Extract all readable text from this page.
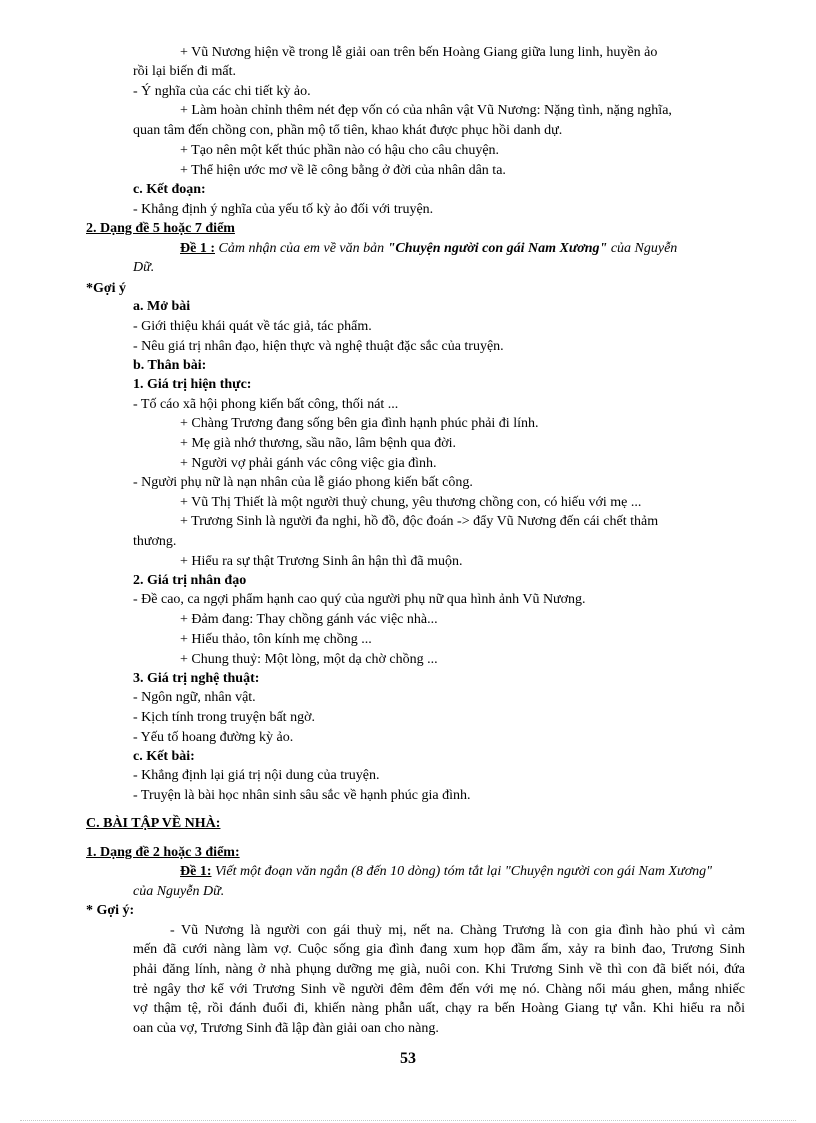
+ Vũ Nương hiện về trong lễ giải oan trên bến Hoàng Giang giữa lung linh, huyền ảo
rồi lại biến đi mất.
- Ý nghĩa của các chi tiết kỳ ảo.
+ Làm hoàn chỉnh thêm nét đẹp vốn có của nhân vật Vũ Nương: Nặng tình, nặng nghĩa,
quan tâm đến chồng con, phần mộ tổ tiên, khao khát được phục hồi danh dự.
+ Tạo nên một kết thúc phần nào có hậu cho câu chuyện.
+ Thể hiện ước mơ về lẽ công bằng ở đời của nhân dân ta.
c. Kết đoạn:
- Khẳng định ý nghĩa của yếu tố kỳ ảo đối với truyện.
2. Dạng đề 5 hoặc 7 điểm
Đề 1 : Cảm nhận của em về văn bản "Chuyện người con gái Nam Xương" của Nguyễn
Dữ.
*Gợi ý
a. Mở bài
- Giới thiệu khái quát về tác giả, tác phẩm.
- Nêu giá trị nhân đạo, hiện thực và nghệ thuật đặc sắc của truyện.
b. Thân bài:
1. Giá trị hiện thực:
- Tố cáo xã hội phong kiến bất công, thối nát ...
+ Chàng Trương đang sống bên gia đình hạnh phúc phải đi lính.
+ Mẹ già nhớ thương, sầu não, lâm bệnh qua đời.
+ Người vợ phải gánh vác công việc gia đình.
- Người phụ nữ là nạn nhân của lễ giáo phong kiến bất công.
+ Vũ Thị Thiết là một người thuỷ chung, yêu thương chồng con, có hiếu với mẹ ...
+ Trương Sinh là người đa nghi, hồ đồ, độc đoán -> đẩy Vũ Nương đến cái chết thảm
thương.
+ Hiểu ra sự thật Trương Sinh ân hận thì đã muộn.
2. Giá trị nhân đạo
- Đề cao, ca ngợi phẩm hạnh cao quý của người phụ nữ qua hình ảnh Vũ Nương.
+ Đảm đang: Thay chồng gánh vác việc nhà...
+ Hiếu thảo, tôn kính mẹ chồng ...
+ Chung thuỷ: Một lòng, một dạ chờ chồng ...
3. Giá trị nghệ thuật:
- Ngôn ngữ, nhân vật.
- Kịch tính trong truyện bất ngờ.
- Yếu tố hoang đường kỳ ảo.
c. Kết bài:
- Khẳng định lại giá trị nội dung của truyện.
- Truyện là bài học nhân sinh sâu sắc về hạnh phúc gia đình.
C. BÀI TẬP VỀ NHÀ:
1. Dạng đề 2 hoặc 3 điểm:
Đề 1: Viết một đoạn văn ngắn (8 đến 10 dòng) tóm tắt lại "Chuyện người con gái Nam Xương"
của Nguyễn Dữ.
* Gợi ý:
- Vũ Nương là người con gái thuỳ mị, nết na. Chàng Trương là con gia đình hào phú vì cảm
mến đã cưới nàng làm vợ. Cuộc sống gia đình đang xum họp đầm ấm, xảy ra binh đao, Trương Sinh
phải đăng lính, nàng ở nhà phụng dưỡng mẹ già, nuôi con. Khi Trương Sinh về thì con đã biết nói, đứa
trẻ ngây thơ kể với Trương Sinh về người đêm đêm đến với mẹ nó. Chàng nổi máu ghen, mắng nhiếc
vợ thậm tệ, rồi đánh đuổi đi, khiến nàng phẫn uất, chạy ra bến Hoàng Giang tự vẫn. Khi hiểu ra nỗi
oan của vợ, Trương Sinh đã lập đàn giải oan cho nàng.
53
